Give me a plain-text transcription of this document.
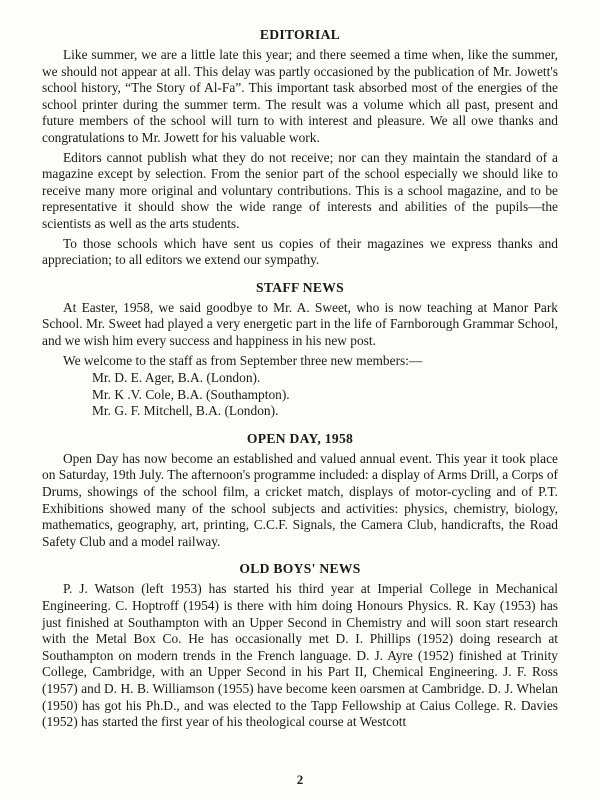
EDITORIAL

Like summer, we are a little late this year; and there seemed a time when, like the summer, we should not appear at all. This delay was partly occasioned by the publication of Mr. Jowett's school history, “The Story of Al-Fa”. This important task absorbed most of the energies of the school printer during the summer term. The result was a volume which all past, present and future members of the school will turn to with interest and pleasure. We all owe thanks and congratulations to Mr. Jowett for his valuable work.

Editors cannot publish what they do not receive; nor can they maintain the standard of a magazine except by selection. From the senior part of the school especially we should like to receive many more original and voluntary contributions. This is a school magazine, and to be representative it should show the wide range of interests and abilities of the pupils—the scientists as well as the arts students.

To those schools which have sent us copies of their magazines we express thanks and appreciation; to all editors we extend our sympathy.

STAFF NEWS

At Easter, 1958, we said goodbye to Mr. A. Sweet, who is now teaching at Manor Park School. Mr. Sweet had played a very energetic part in the life of Farnborough Grammar School, and we wish him every success and happiness in his new post.

We welcome to the staff as from September three new members:—

Mr. D. E. Ager, B.A. (London).
Mr. K .V. Cole, B.A. (Southampton).
Mr. G. F. Mitchell, B.A. (London).
OPEN DAY, 1958

Open Day has now become an established and valued annual event. This year it took place on Saturday, 19th July. The afternoon's programme included: a display of Arms Drill, a Corps of Drums, showings of the school film, a cricket match, displays of motor-cycling and of P.T. Exhibitions showed many of the school subjects and activities: physics, chemistry, biology, mathematics, geography, art, printing, C.C.F. Signals, the Camera Club, handicrafts, the Road Safety Club and a model railway.

OLD BOYS' NEWS

P. J. Watson (left 1953) has started his third year at Imperial College in Mechanical Engineering. C. Hoptroff (1954) is there with him doing Honours Physics. R. Kay (1953) has just finished at Southampton with an Upper Second in Chemistry and will soon start research with the Metal Box Co. He has occasionally met D. I. Phillips (1952) doing research at Southampton on modern trends in the French language. D. J. Ayre (1952) finished at Trinity College, Cambridge, with an Upper Second in his Part II, Chemical Engineering. J. F. Ross (1957) and D. H. B. Williamson (1955) have become keen oarsmen at Cambridge. D. J. Whelan (1950) has got his Ph.D., and was elected to the Tapp Fellowship at Caius College. R. Davies (1952) has started the first year of his theological course at Westcott

2
